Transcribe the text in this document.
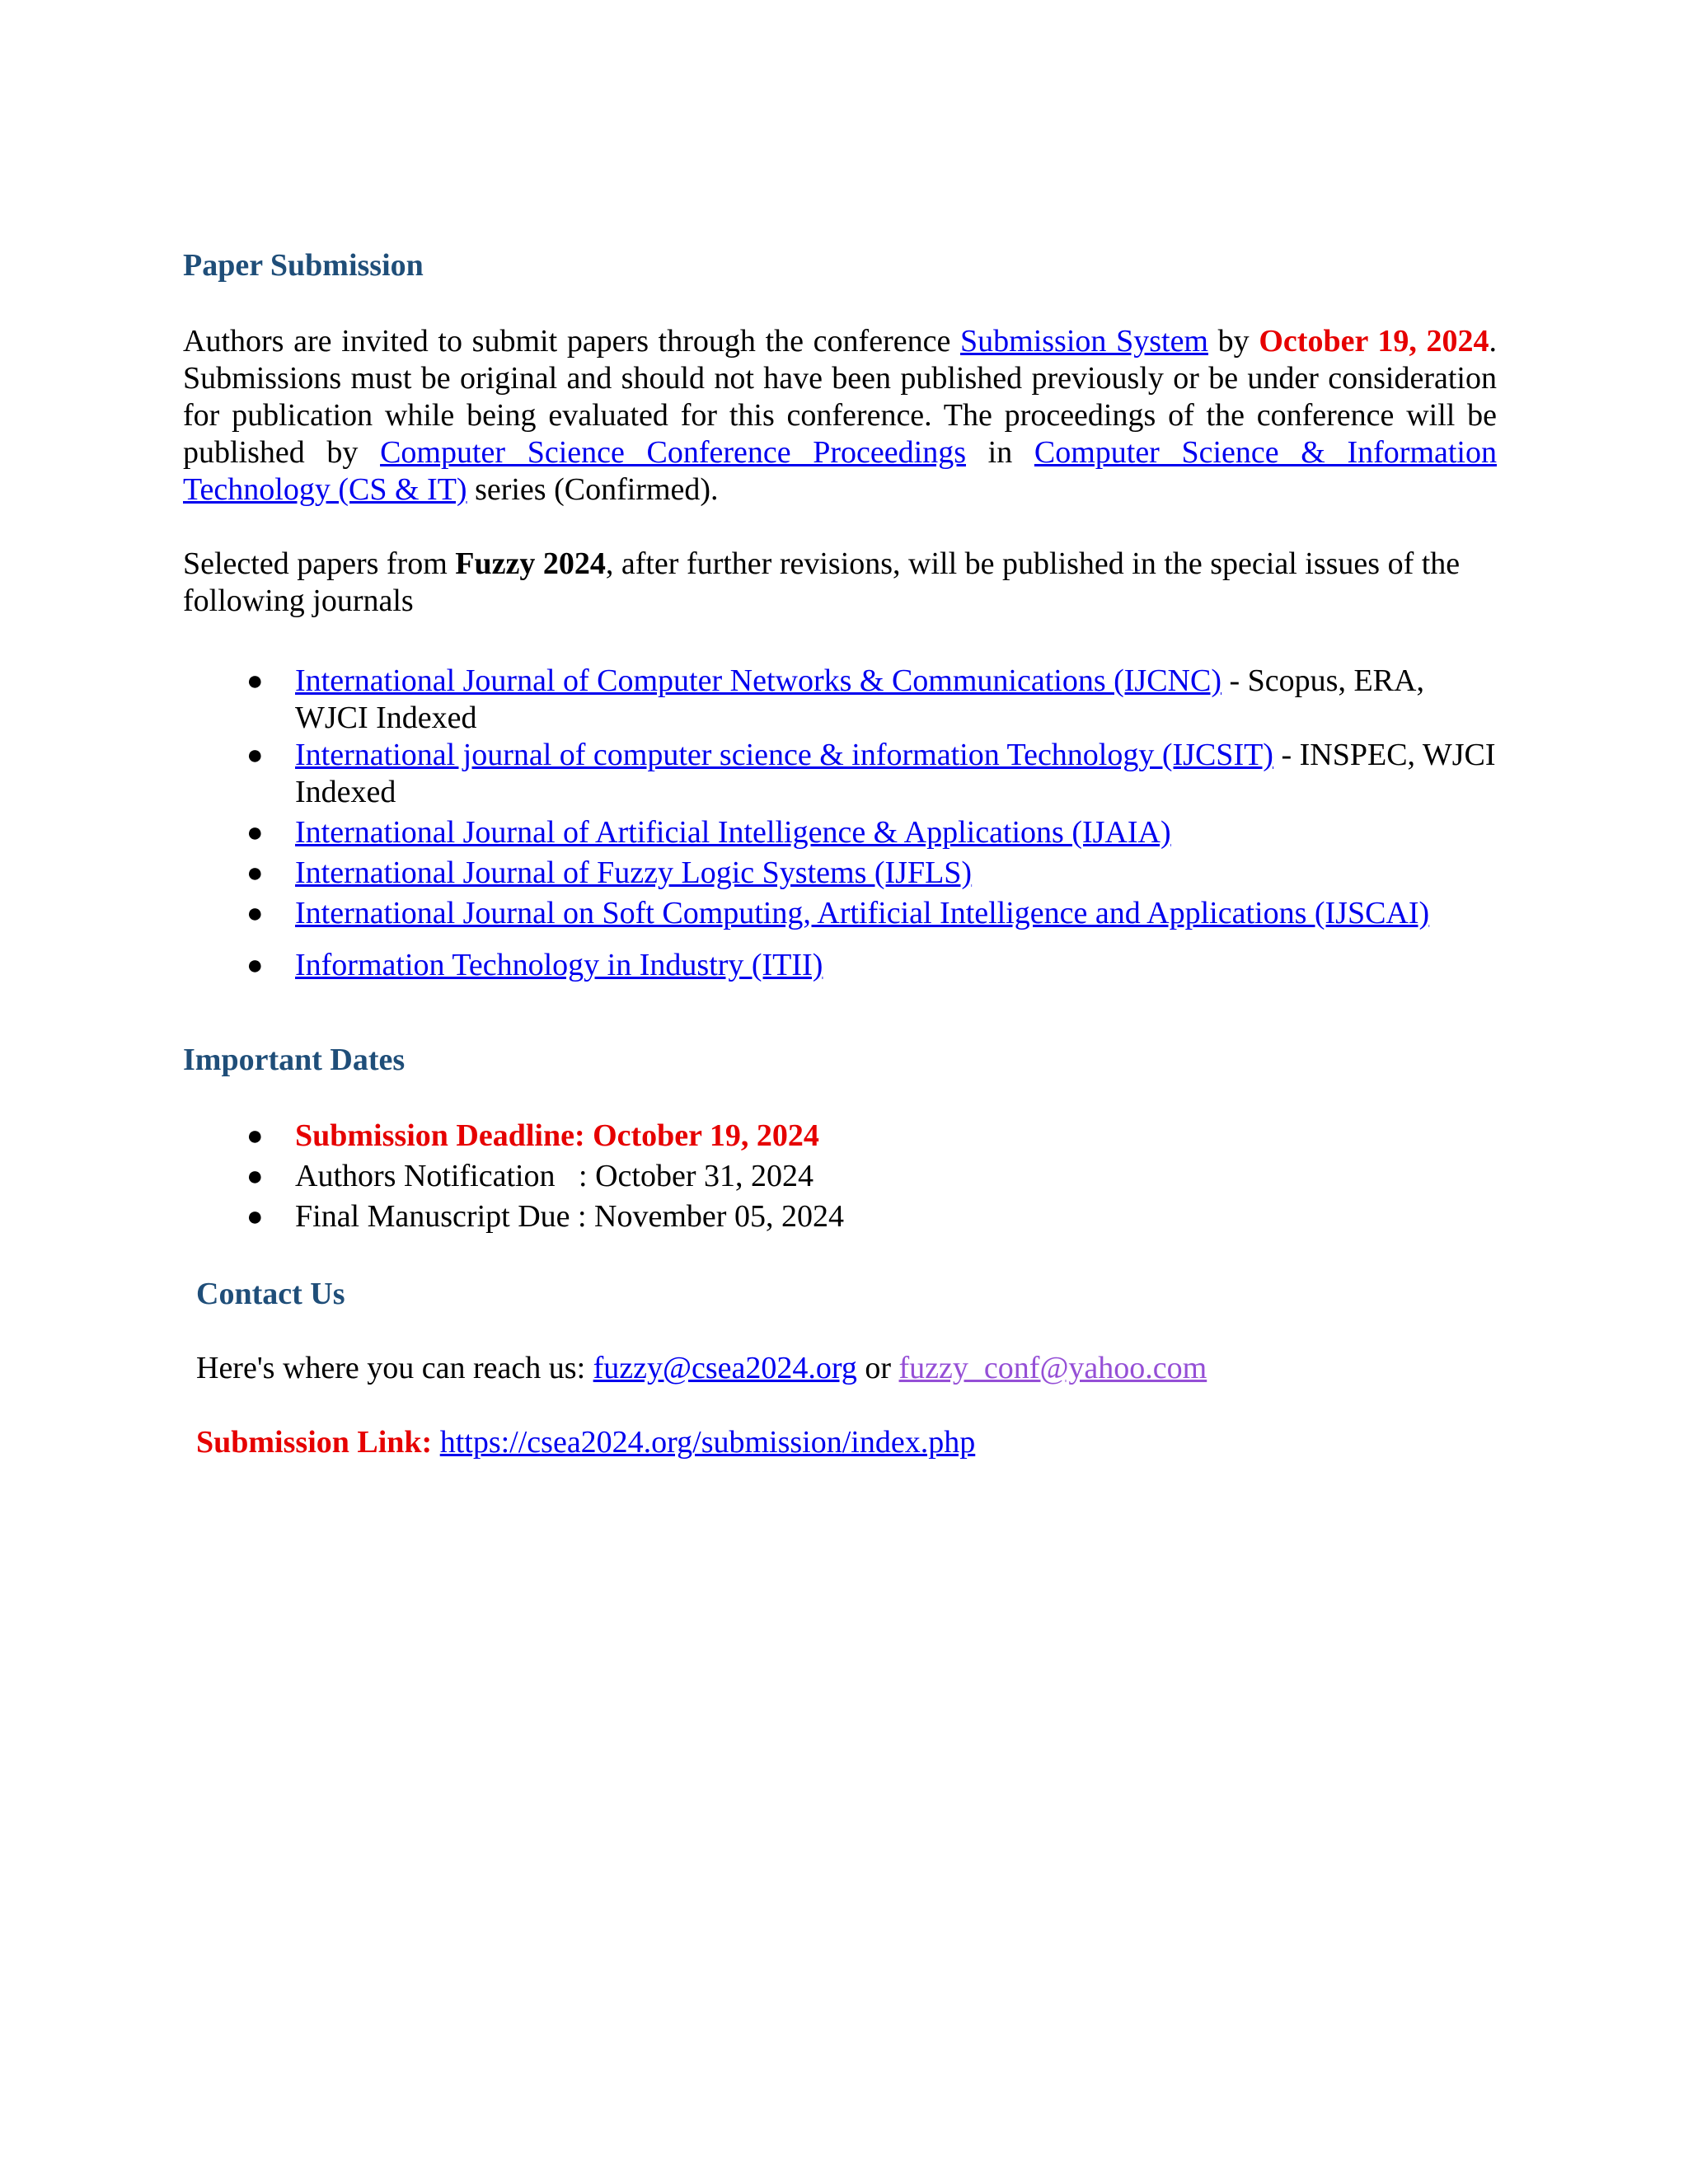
Paper Submission

Authors are invited to submit papers through the conference Submission System by October 19, 2024. Submissions must be original and should not have been published previously or be under consideration for publication while being evaluated for this conference. The proceedings of the conference will be published by Computer Science Conference Proceedings in Computer Science & Information Technology (CS & IT) series (Confirmed).

Selected papers from Fuzzy 2024, after further revisions, will be published in the special issues of the following journals

● International Journal of Computer Networks & Communications (IJCNC) - Scopus, ERA, WJCI Indexed
● International journal of computer science & information Technology (IJCSIT) - INSPEC, WJCI Indexed
● International Journal of Artificial Intelligence & Applications (IJAIA)
● International Journal of Fuzzy Logic Systems (IJFLS)
● International Journal on Soft Computing, Artificial Intelligence and Applications (IJSCAI)
● Information Technology in Industry (ITII)
Important Dates
● Submission Deadline: October 19, 2024
● Authors Notification   : October 31, 2024
● Final Manuscript Due : November 05, 2024
Contact Us

Here's where you can reach us: fuzzy@csea2024.org or fuzzy_conf@yahoo.com

Submission Link: https://csea2024.org/submission/index.php
